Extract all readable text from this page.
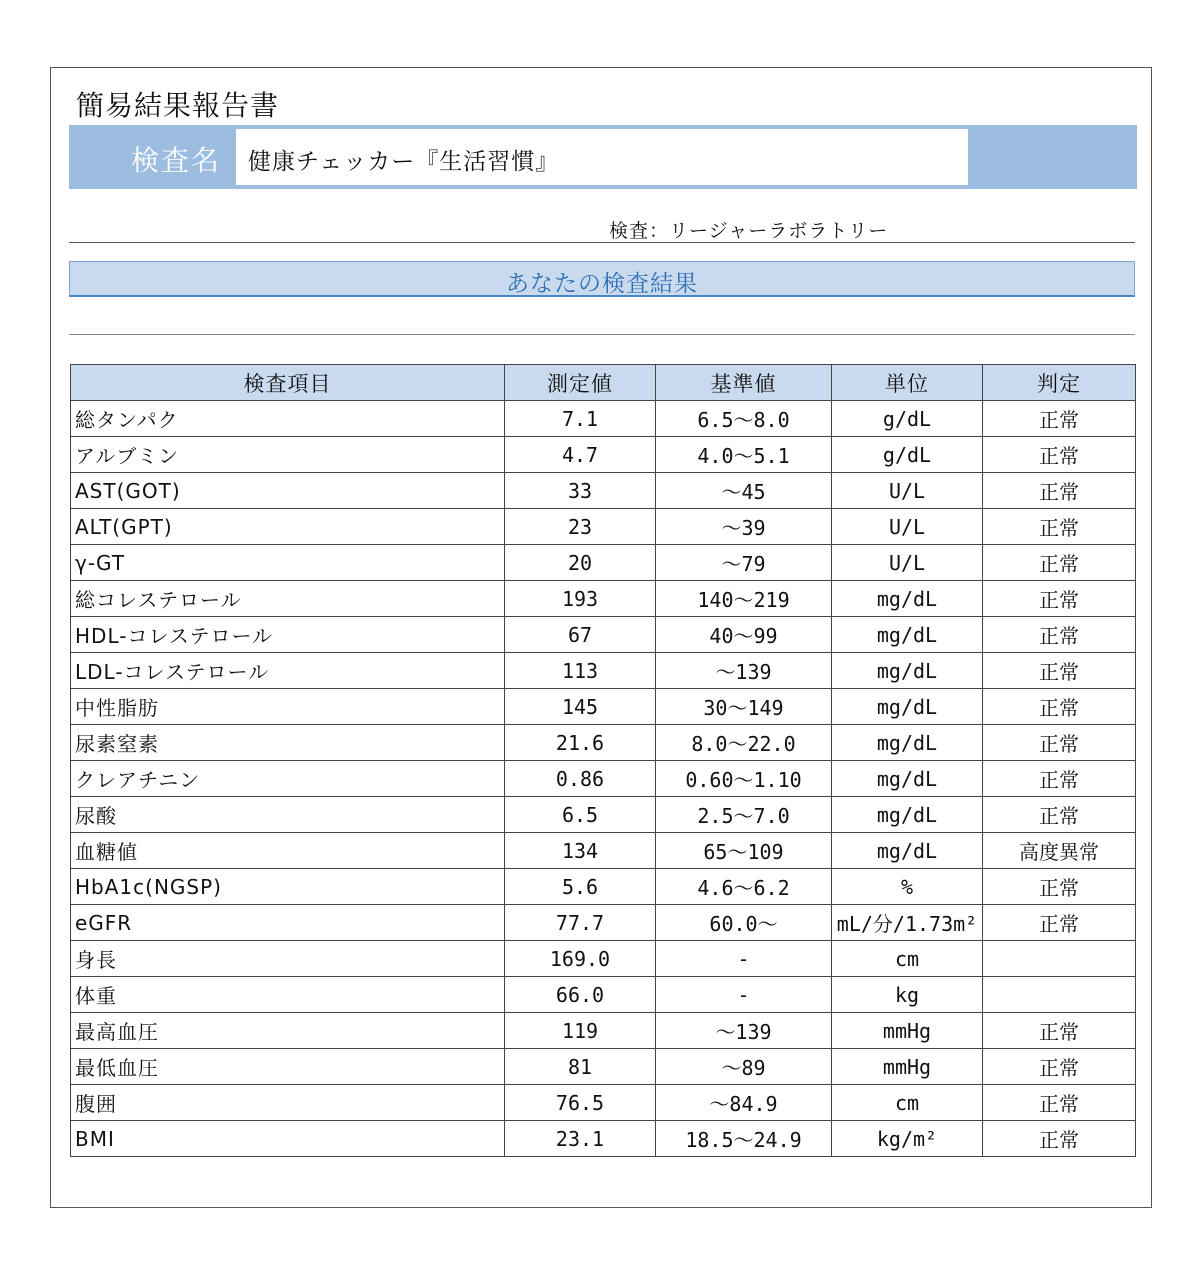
簡易結果報告書
検査名 健康チェッカー『生活習慣』
検査：リージャーラボラトリー
あなたの検査結果
検査項目	測定値	基準値	単位	判定
総タンパク	7.1	6.5〜8.0	g/dL	正常
アルブミン	4.7	4.0〜5.1	g/dL	正常
AST(GOT)	33	〜45	U/L	正常
ALT(GPT)	23	〜39	U/L	正常
γ-GT	20	〜79	U/L	正常
総コレステロール	193	140〜219	mg/dL	正常
HDL-コレステロール	67	40〜99	mg/dL	正常
LDL-コレステロール	113	〜139	mg/dL	正常
中性脂肪	145	30〜149	mg/dL	正常
尿素窒素	21.6	8.0〜22.0	mg/dL	正常
クレアチニン	0.86	0.60〜1.10	mg/dL	正常
尿酸	6.5	2.5〜7.0	mg/dL	正常
血糖値	134	65〜109	mg/dL	高度異常
HbA1c(NGSP)	5.6	4.6〜6.2	%	正常
eGFR	77.7	60.0〜	mL/分/1.73m²	正常
身長	169.0	-	cm	
体重	66.0	-	kg	
最高血圧	119	〜139	mmHg	正常
最低血圧	81	〜89	mmHg	正常
腹囲	76.5	〜84.9	cm	正常
BMI	23.1	18.5〜24.9	kg/m²	正常
